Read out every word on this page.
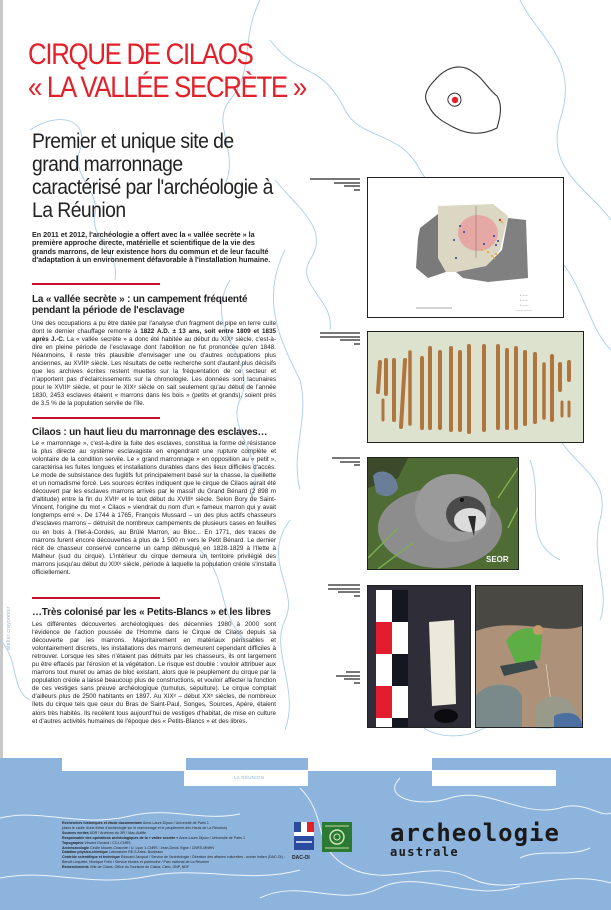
CIRQUE DE CILAOS
« LA VALLÉE SECRÈTE »
Premier et unique site de grand marronnage caractérisé par l'archéologie à La Réunion
En 2011 et 2012, l'archéologie a offert avec la « vallée secrète » la première approche directe, matérielle et scientifique de la vie des grands marrons, de leur existence hors du commun et de leur faculté d'adaptation à un environnement défavorable à l'installation humaine.
La « vallée secrète » : un campement fréquenté pendant la période de l'esclavage
Une des occupations a pu être datée par l'analyse d'un fragment de pipe en terre cuite dont le dernier chauffage remonte à 1822 A.D. ± 13 ans, soit entre 1809 et 1835 après J.-C. La « vallée secrète » a donc été habitée au début du XIXᵉ siècle, c'est-à-dire en pleine période de l'esclavage dont l'abolition ne fut prononcée qu'en 1848. Néanmoins, il reste très plausible d'envisager une ou d'autres occupations plus anciennes, au XVIIIᵉ siècle. Les résultats de cette recherche sont d'autant plus décisifs que les archives écrites restent muettes sur la fréquentation de ce secteur et n'apportent pas d'éclaircissements sur la chronologie. Les données sont lacunaires pour le XVIIIᵉ siècle, et pour le XIXᵉ siècle on sait seulement qu'au début de l'année 1830, 2453 esclaves étaient « marrons dans les bois » (petits et grands), soient près de 3,5 % de la population servile de l'île.
Cilaos : un haut lieu du marronnage des esclaves…
Le « marronnage », c'est-à-dire la fuite des esclaves, constitua la forme de résistance la plus directe au système esclavagiste en engendrant une rupture complète et volontaire de la condition servile. Le « grand marronnage » en opposition au « petit », caractérisa les fuites longues et installations durables dans des lieux difficiles d'accès. Le mode de subsistance des fugitifs fut principalement basé sur la chasse, la cueillette et un nomadisme forcé. Les sources écrites indiquent que le cirque de Cilaos aurait été découvert par les esclaves marrons arrivés par le massif du Grand Bénard (2 898 m d'altitude) entre la fin du XVIIᵉ et le tout début du XVIIIᵉ siècle. Selon Bory de Saint-Vincent, l'origine du mot « Cilaos » viendrait du nom d'un « fameux marron qui y avait longtemps erré ». De 1744 à 1765, François Mussard – un des plus actifs chasseurs d'esclaves marrons – détruisit de nombreux campements de plusieurs cases en feuilles ou en bois à l'Ilet-à-Cordes, au Brûlé Marron, au Bloc... En 1771, des traces de marrons furent encore découvertes à plus de 1 500 m vers le Petit Bénard. Le dernier récit de chasseur conservé concerne un camp débusqué en 1828-1829 à l'Ilette à Malheur (sud du cirque). L'intérieur du cirque demeura un territoire privilégié des marrons jusqu'au début du XIXᵉ siècle, période à laquelle la population créole s'installa officiellement.
…Très colonisé par les « Petits-Blancs » et les libres
Les différentes découvertes archéologiques des décennies 1980 à 2000 sont l'évidence de l'action poussée de l'Homme dans le Cirque de Cilaos depuis sa découverte par les marrons. Majoritairement en matériaux périssables et volontairement discrets, les installations des marrons demeurent cependant difficiles à retrouver. Lorsque les sites n'étaient pas détruits par les chasseurs, ils ont largement pu être effacés par l'érosion et la végétation. Le risque est double : vouloir attribuer aux marrons tout muret ou amas de bloc existant, alors que le peuplement du cirque par la population créole a laissé beaucoup plus de constructions, et vouloir affecter la fonction de ces vestiges sans preuve archéologique (tumulus, sépulture). Le cirque comptait d'ailleurs plus de 2500 habitants en 1897. Au XIXᵉ – début XXᵉ siècles, de nombreux îlets du cirque tels que ceux du Bras de Saint-Paul, Songes, Sources, Apère, étaient alors très habités. Ils recèlent tous aujourd'hui de vestiges d'habitat, de mise en culture et d'autres activités humaines de l'époque des « Petits-Blancs » et des libres.
atelier crayonnoir
• ——
• ——
• ——
—— ———
SEOR
LA RÉUNION
Recherches historiques et étude documentaire Anne-Laure Dijoux / Université de Paris 1
(dans le cadre d'une thèse d'archéologie sur le marronnage et le peuplement des Hauts de La Réunion)
Sources écrites ADR / Archives du JIR / Mac-Auliffe
Responsable des opérations archéologiques de la « vallée secrète » Anne-Laure Dijoux / Université de Paris 1
Topographie Vincent Durand / CCJ-CNRS
Archéozoologie Cécile Mourer-Chauviré / U. Lyon 1-CNRS ; Jean-Denis Vigne / CNRS-MNHN
Datation physico-chimique Laboratoire RE.S Artes, Bordeaux
Contrôle scientifique et technique Édouard Jacquot / Service de l'archéologie / Direction des affaires culturelles - océan Indien (DAC-OI) ; Benoît Lequette, Monique Folio / Service études et patrimoine / Parc national de La Réunion
Remerciements Ville de Cilaos, Office du Tourisme de Cilaos, Cielo, GNP, NDF
DAC-OI
archeologie
australe
